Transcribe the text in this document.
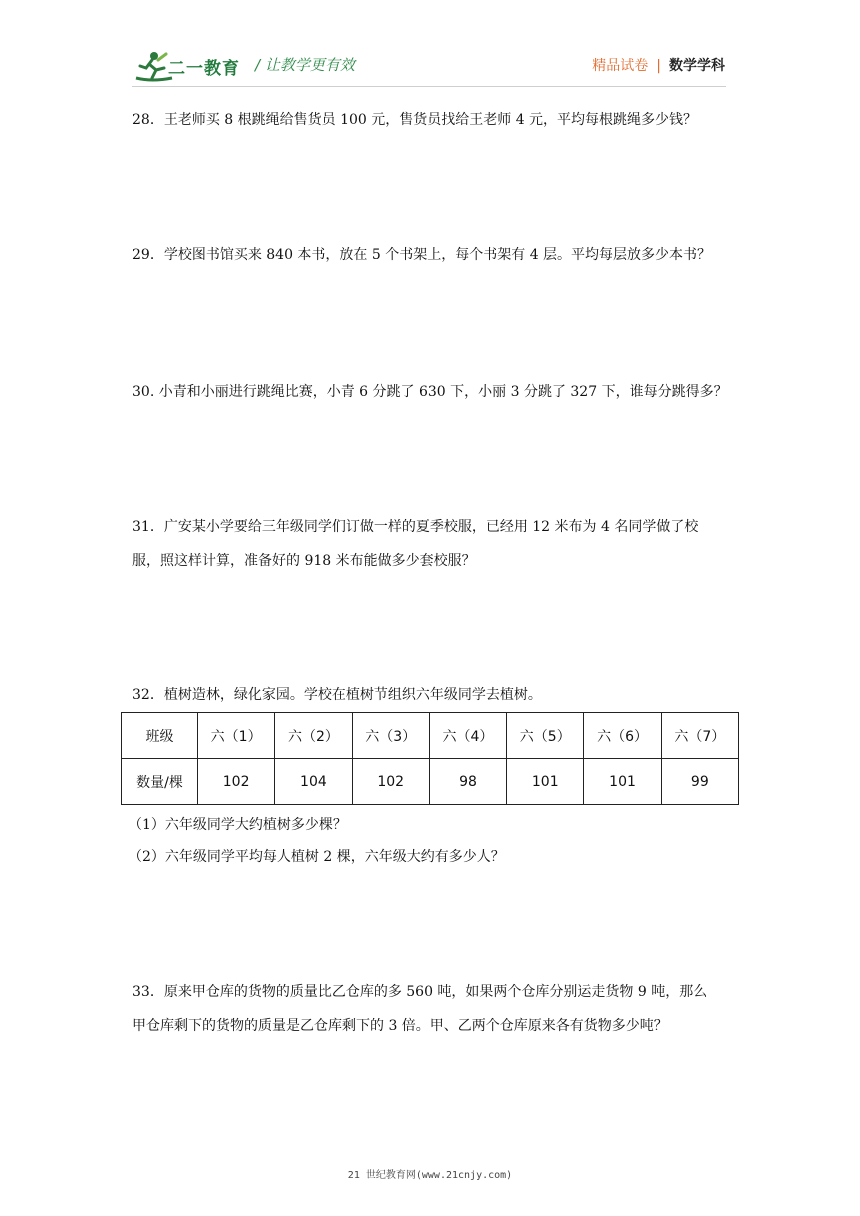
二一教育 / 让教学更有效	精品试卷 | 数学学科
28．王老师买 8 根跳绳给售货员 100 元，售货员找给王老师 4 元，平均每根跳绳多少钱？
29．学校图书馆买来 840 本书，放在 5 个书架上，每个书架有 4 层。平均每层放多少本书？
30. 小青和小丽进行跳绳比赛，小青 6 分跳了 630 下，小丽 3 分跳了 327 下，谁每分跳得多？
31．广安某小学要给三年级同学们订做一样的夏季校服，已经用 12 米布为 4 名同学做了校
服，照这样计算，准备好的 918 米布能做多少套校服？
32．植树造林，绿化家园。学校在植树节组织六年级同学去植树。
班级	六（1）	六（2）	六（3）	六（4）	六（5）	六（6）	六（7）
数量/棵	102	104	102	98	101	101	99
（1）六年级同学大约植树多少棵？
（2）六年级同学平均每人植树 2 棵，六年级大约有多少人？
33．原来甲仓库的货物的质量比乙仓库的多 560 吨，如果两个仓库分别运走货物 9 吨，那么
甲仓库剩下的货物的质量是乙仓库剩下的 3 倍。甲、乙两个仓库原来各有货物多少吨？
21 世纪教育网(www.21cnjy.com)
